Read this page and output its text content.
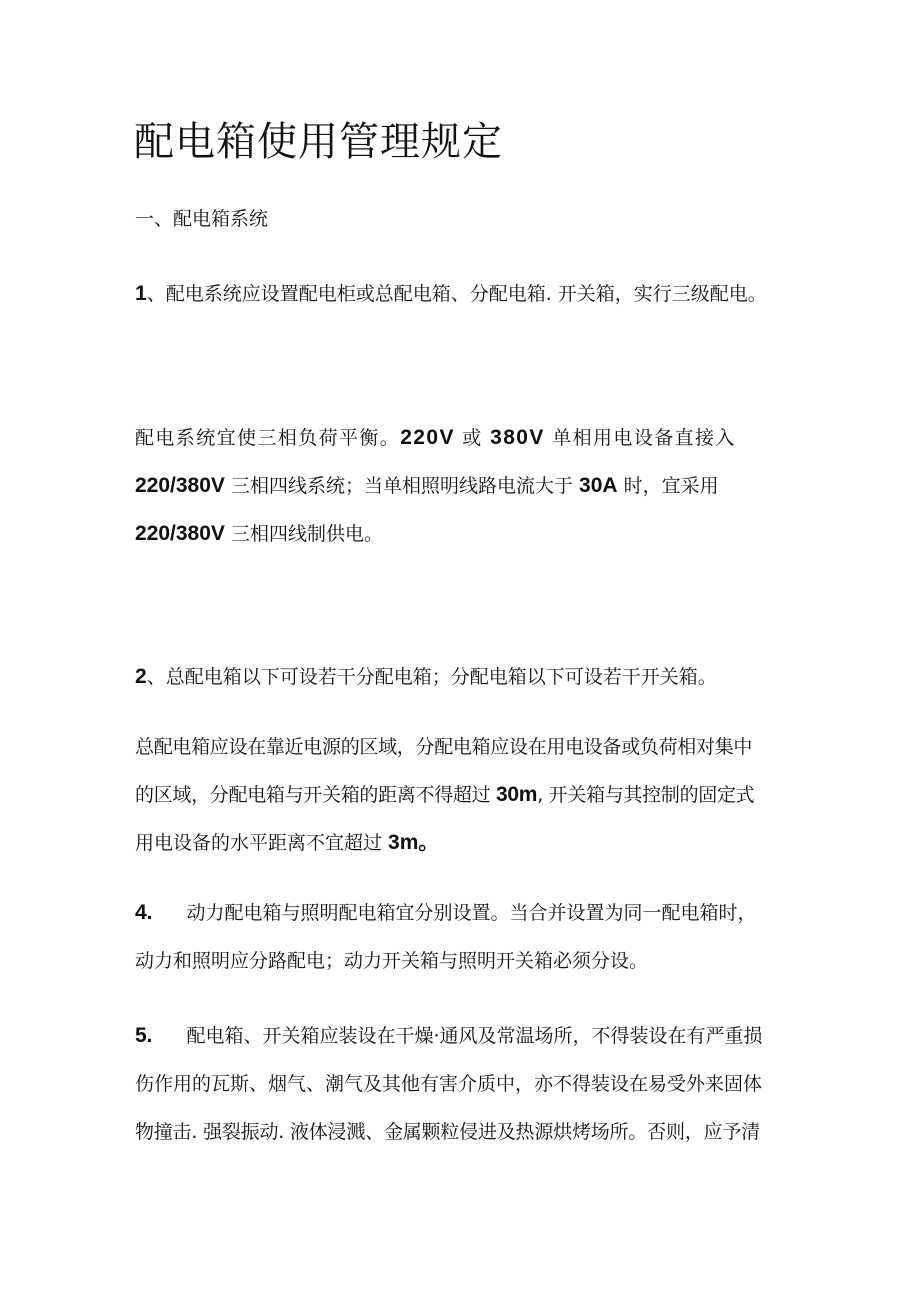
配电箱使用管理规定
一、配电箱系统
1、配电系统应设置配电柜或总配电箱、分配电箱. 开关箱，实行三级配电。
配电系统宜使三相负荷平衡。220V 或 380V 单相用电设备直接入
220/380V 三相四线系统；当单相照明线路电流大于 30A 时，宜采用
220/380V 三相四线制供电。
2、总配电箱以下可设若干分配电箱；分配电箱以下可设若干开关箱。
总配电箱应设在靠近电源的区域，分配电箱应设在用电设备或负荷相对集中
的区域，分配电箱与开关箱的距离不得超过 30m, 开关箱与其控制的固定式
用电设备的水平距离不宜超过 3m。
4. 动力配电箱与照明配电箱宜分别设置。当合并设置为同一配电箱时，
动力和照明应分路配电；动力开关箱与照明开关箱必须分设。
5. 配电箱、开关箱应装设在干燥·通风及常温场所，不得装设在有严重损
伤作用的瓦斯、烟气、潮气及其他有害介质中，亦不得装设在易受外来固体
物撞击. 强裂振动. 液体浸溅、金属颗粒侵进及热源烘烤场所。否则，应予清
